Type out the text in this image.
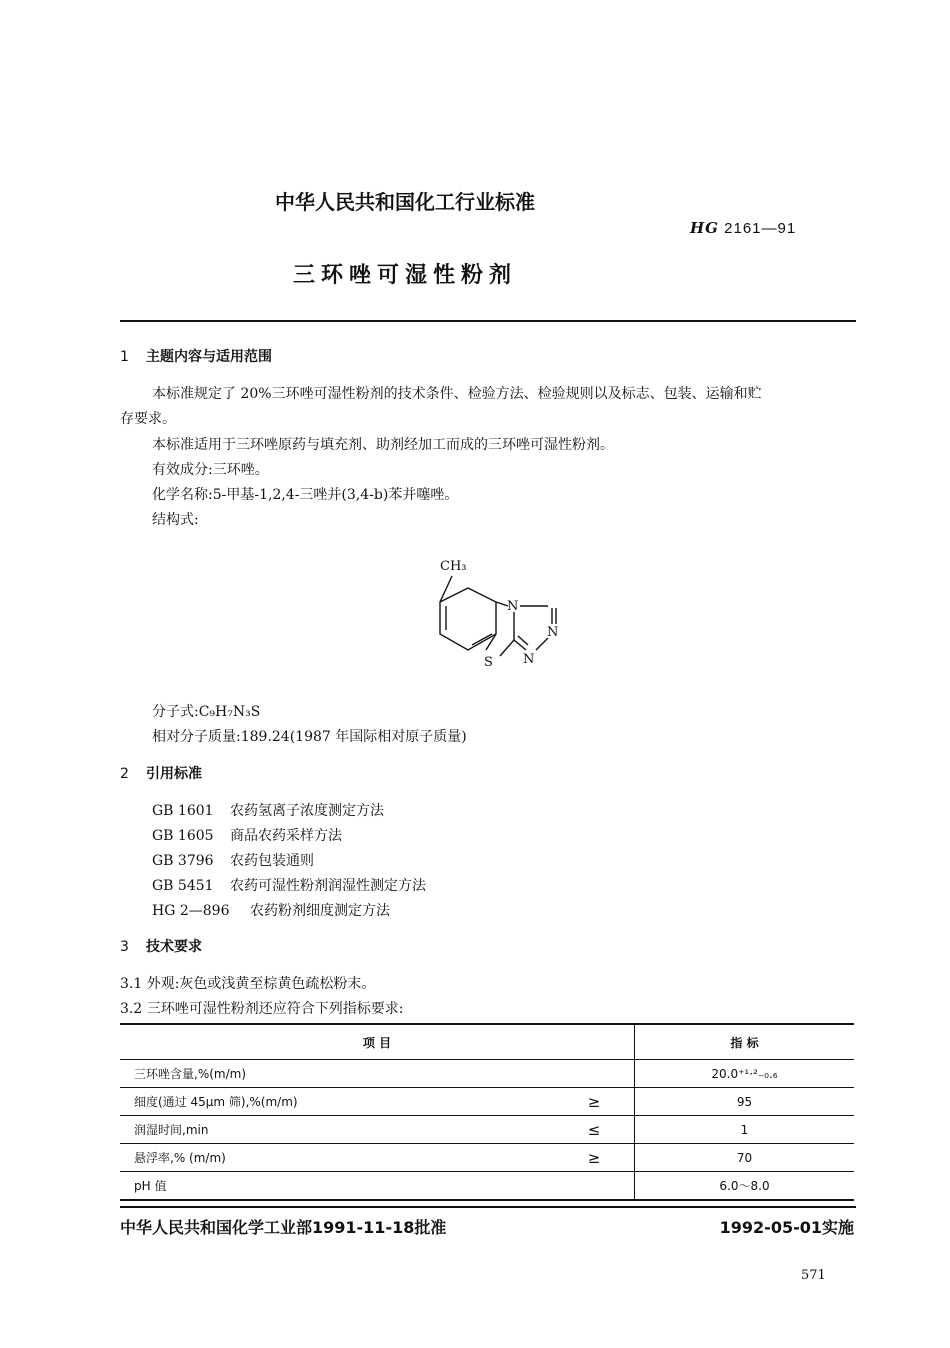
中华人民共和国化工行业标准
HG 2161—91
三环唑可湿性粉剂
1 主题内容与适用范围
本标准规定了 20%三环唑可湿性粉剂的技术条件、检验方法、检验规则以及标志、包装、运输和贮
存要求。
本标准适用于三环唑原药与填充剂、助剂经加工而成的三环唑可湿性粉剂。
有效成分:三环唑。
化学名称:5-甲基-1,2,4-三唑并(3,4-b)苯并噻唑。
结构式:
CH₃
N
N
N
S
分子式:C₉H₇N₃S
相对分子质量:189.24(1987 年国际相对原子质量)
2 引用标准
GB 1601 农药氢离子浓度测定方法
GB 1605 商品农药采样方法
GB 3796 农药包装通则
GB 5451 农药可湿性粉剂润湿性测定方法
HG 2—896 农药粉剂细度测定方法
3 技术要求
3.1 外观:灰色或浅黄至棕黄色疏松粉末。
3.2 三环唑可湿性粉剂还应符合下列指标要求:
项 目		指 标
三环唑含量,%(m/m)		20.0⁺¹·²₋₀.₆
细度(通过 45μm 筛),%(m/m)	≥	95
润湿时间,min	≤	1
悬浮率,% (m/m)	≥	70
pH 值		6.0～8.0
中华人民共和国化学工业部1991-11-18批准	1992-05-01实施
571
